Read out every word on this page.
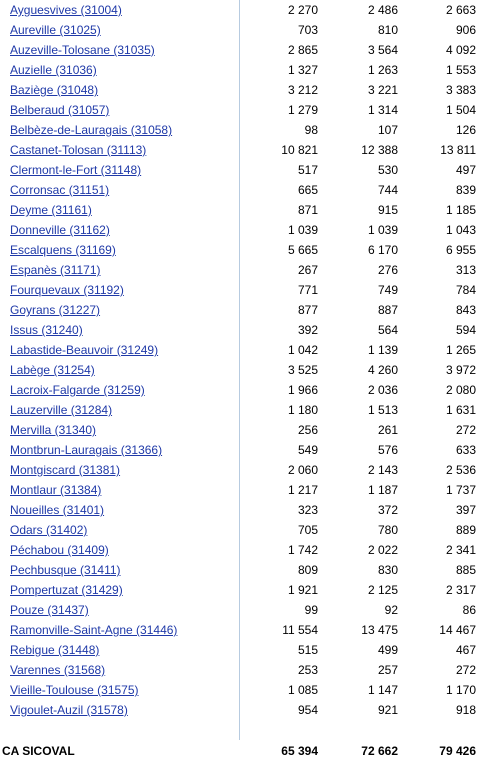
Ayguesvives (31004)	2 270	2 486	2 663
Aureville (31025)	703	810	906
Auzeville-Tolosane (31035)	2 865	3 564	4 092
Auzielle (31036)	1 327	1 263	1 553
Baziège (31048)	3 212	3 221	3 383
Belberaud (31057)	1 279	1 314	1 504
Belbèze-de-Lauragais (31058)	98	107	126
Castanet-Tolosan (31113)	10 821	12 388	13 811
Clermont-le-Fort (31148)	517	530	497
Corronsac (31151)	665	744	839
Deyme (31161)	871	915	1 185
Donneville (31162)	1 039	1 039	1 043
Escalquens (31169)	5 665	6 170	6 955
Espanès (31171)	267	276	313
Fourquevaux (31192)	771	749	784
Goyrans (31227)	877	887	843
Issus (31240)	392	564	594
Labastide-Beauvoir (31249)	1 042	1 139	1 265
Labège (31254)	3 525	4 260	3 972
Lacroix-Falgarde (31259)	1 966	2 036	2 080
Lauzerville (31284)	1 180	1 513	1 631
Mervilla (31340)	256	261	272
Montbrun-Lauragais (31366)	549	576	633
Montgiscard (31381)	2 060	2 143	2 536
Montlaur (31384)	1 217	1 187	1 737
Noueilles (31401)	323	372	397
Odars (31402)	705	780	889
Péchabou (31409)	1 742	2 022	2 341
Pechbusque (31411)	809	830	885
Pompertuzat (31429)	1 921	2 125	2 317
Pouze (31437)	99	92	86
Ramonville-Saint-Agne (31446)	11 554	13 475	14 467
Rebigue (31448)	515	499	467
Varennes (31568)	253	257	272
Vieille-Toulouse (31575)	1 085	1 147	1 170
Vigoulet-Auzil (31578)	954	921	918
CA SICOVAL	65 394	72 662	79 426
